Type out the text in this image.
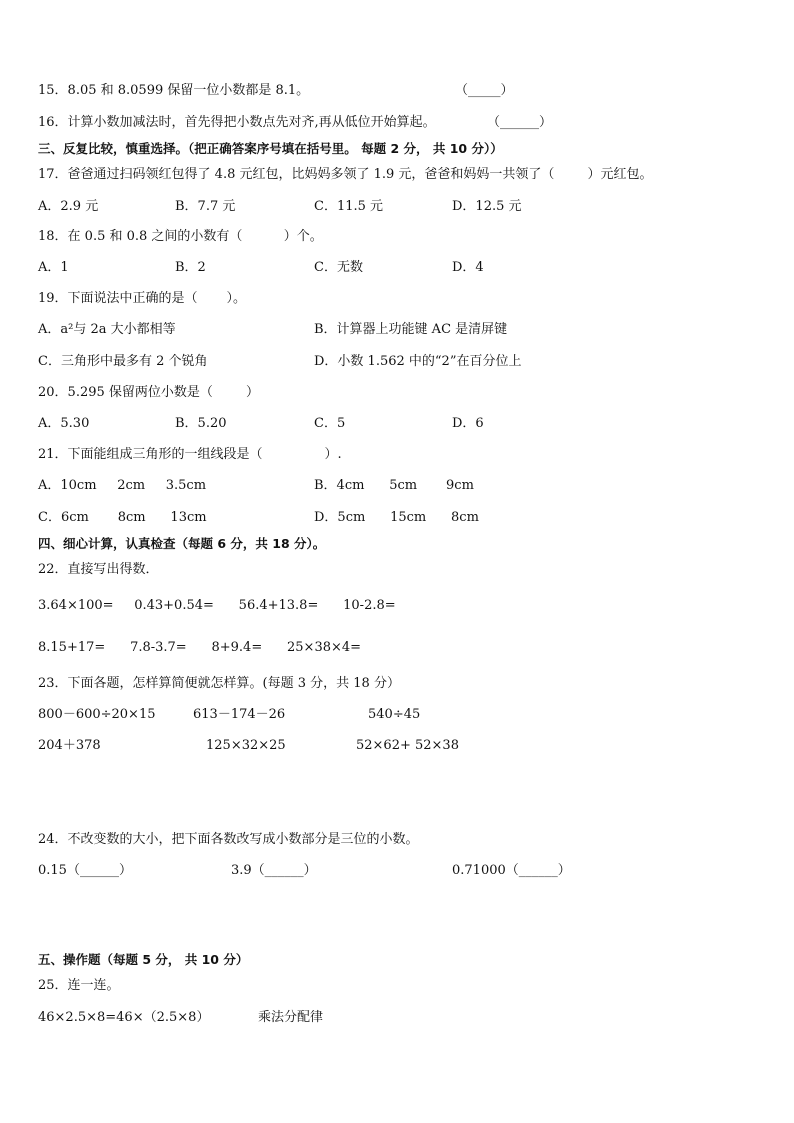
15．8.05 和 8.0599 保留一位小数都是 8.1。	（_____）
16．计算小数加减法时，首先得把小数点先对齐,再从低位开始算起。	（______）
三、反复比较，慎重选择。（把正确答案序号填在括号里。 每题 2 分， 共 10 分））
17．爸爸通过扫码领红包得了 4.8 元红包，比妈妈多领了 1.9 元，爸爸和妈妈一共领了（        ）元红包。
A．2.9 元	B．7.7 元	C．11.5 元	D．12.5 元
18．在 0.5 和 0.8 之间的小数有（          ）个。
A．1	B．2	C．无数	D．4
19．下面说法中正确的是（       ）。
A．a²与 2a 大小都相等	B．计算器上功能键 AC 是清屏键
C．三角形中最多有 2 个锐角	D．小数 1.562 中的“2”在百分位上
20．5.295 保留两位小数是（        ）
A．5.30	B．5.20	C．5	D．6
21．下面能组成三角形的一组线段是（               ）.
A．10cm     2cm     3.5cm	B．4cm      5cm       9cm
C．6cm       8cm      13cm	D．5cm      15cm      8cm
四、细心计算，认真检查（每题 6 分，共 18 分）。
22．直接写出得数．
3.64×100=     0.43+0.54=      56.4+13.8=      10-2.8=
8.15+17=      7.8-3.7=      8+9.4=      25×38×4=
23．下面各题，怎样算简便就怎样算。(每题 3 分，共 18 分）
800－600÷20×15	613－174－26	540÷45
204＋378	125×32×25	52×62+ 52×38
24．不改变数的大小，把下面各数改写成小数部分是三位的小数。
0.15（______）	3.9（______）	0.71000（______）
五、操作题（每题 5 分， 共 10 分）
25．连一连。
46×2.5×8=46×（2.5×8）	乘法分配律
